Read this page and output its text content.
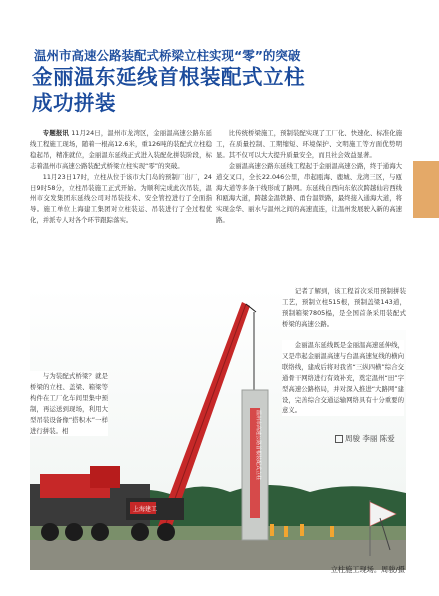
温州市高速公路装配式桥梁立柱实现“零”的突破
金丽温东延线首根装配式立柱
成功拼装

专题报讯 11月24日，温州市龙湾区，金丽温高速公路东延线工程施工现场，随着一根高12.6米，重126吨的装配式立柱稳稳起吊，精准就位，金丽温东延线正式进入装配化拼装阶段，标志着温州市高速公路装配式桥梁立柱实现“零”的突破。

11月23日17时，立柱从位于该市大门岛的预制厂出厂，24日9时58分，立柱吊装施工正式开始。为顺利完成此次吊装，温州市交发集团东延线公司对吊装技术、安全管控进行了全面指导。施工单位上海建工集团对立柱装运、吊装进行了全过程优化，并派专人对各个环节跟踪落实。

比传统桥梁施工，预制装配实现了工厂化、快速化、标准化施工，在质量控制、工期缩短、环境保护、文明施工等方面优势明显。其不仅可以大大提升质量安全，而且社会效益显著。

金丽温高速公路东延线工程起于金丽温高速公路，终于通海大道交叉口，全长22.046公里，串起瓯海、鹿城、龙湾三区，与瓯海大道等多条干线形成了路网。东延线自西向东依次跨越仙岩西线和瓯海大道，跨越金温铁路、甬台温铁路，最终接入通海大道，将实现金华、丽水与温州之间的高速直连，让温州发展驶入新的高速路。

温州市高速公路首根装配式立柱
上海建工

与为装配式桥梁？就是桥梁的立柱、盖梁、箱梁等构件在工厂化车间里集中预制，再运送到现场，利用大型吊装设备像“搭积木”一样进行拼装。相

记者了解到，该工程首次采用预制拼装工艺，预制立柱515根，预制盖梁143道，预制箱梁7805榀，是全国首条采用装配式桥梁的高速公路。

金丽温东延线既是金丽温高速延伸线，又是串起金丽温高速与台温高速复线的横向联络线，建成后将对我省“三纵四横”综合交通骨干网络进行有效补充，奠定温州“田”字型高速公路格局，并对深入推进“大路网”建设，完善综合交通运输网络具有十分重要的意义。

周骏 李丽 陈爱
立柱施工现场。周骏/摄
